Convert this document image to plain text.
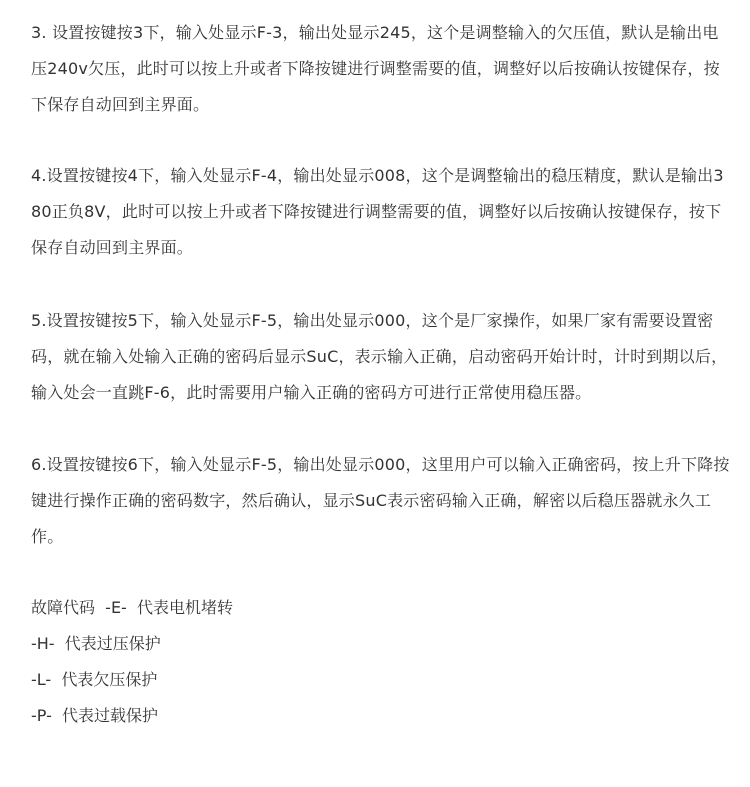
3. 设置按键按3下，输入处显示F-3，输出处显示245，这个是调整输入的欠压值，默认是输出电压240v欠压，此时可以按上升或者下降按键进行调整需要的值，调整好以后按确认按键保存，按下保存自动回到主界面。

4.设置按键按4下，输入处显示F-4，输出处显示008，这个是调整输出的稳压精度，默认是输出380正负8V，此时可以按上升或者下降按键进行调整需要的值，调整好以后按确认按键保存，按下保存自动回到主界面。

5.设置按键按5下，输入处显示F-5，输出处显示000，这个是厂家操作，如果厂家有需要设置密码，就在输入处输入正确的密码后显示SuC，表示输入正确，启动密码开始计时，计时到期以后，输入处会一直跳F-6，此时需要用户输入正确的密码方可进行正常使用稳压器。

6.设置按键按6下，输入处显示F-5，输出处显示000，这里用户可以输入正确密码，按上升下降按键进行操作正确的密码数字，然后确认，显示SuC表示密码输入正确，解密以后稳压器就永久工作。

故障代码  -E-  代表电机堵转

-H-  代表过压保护

-L-  代表欠压保护

-P-  代表过载保护
